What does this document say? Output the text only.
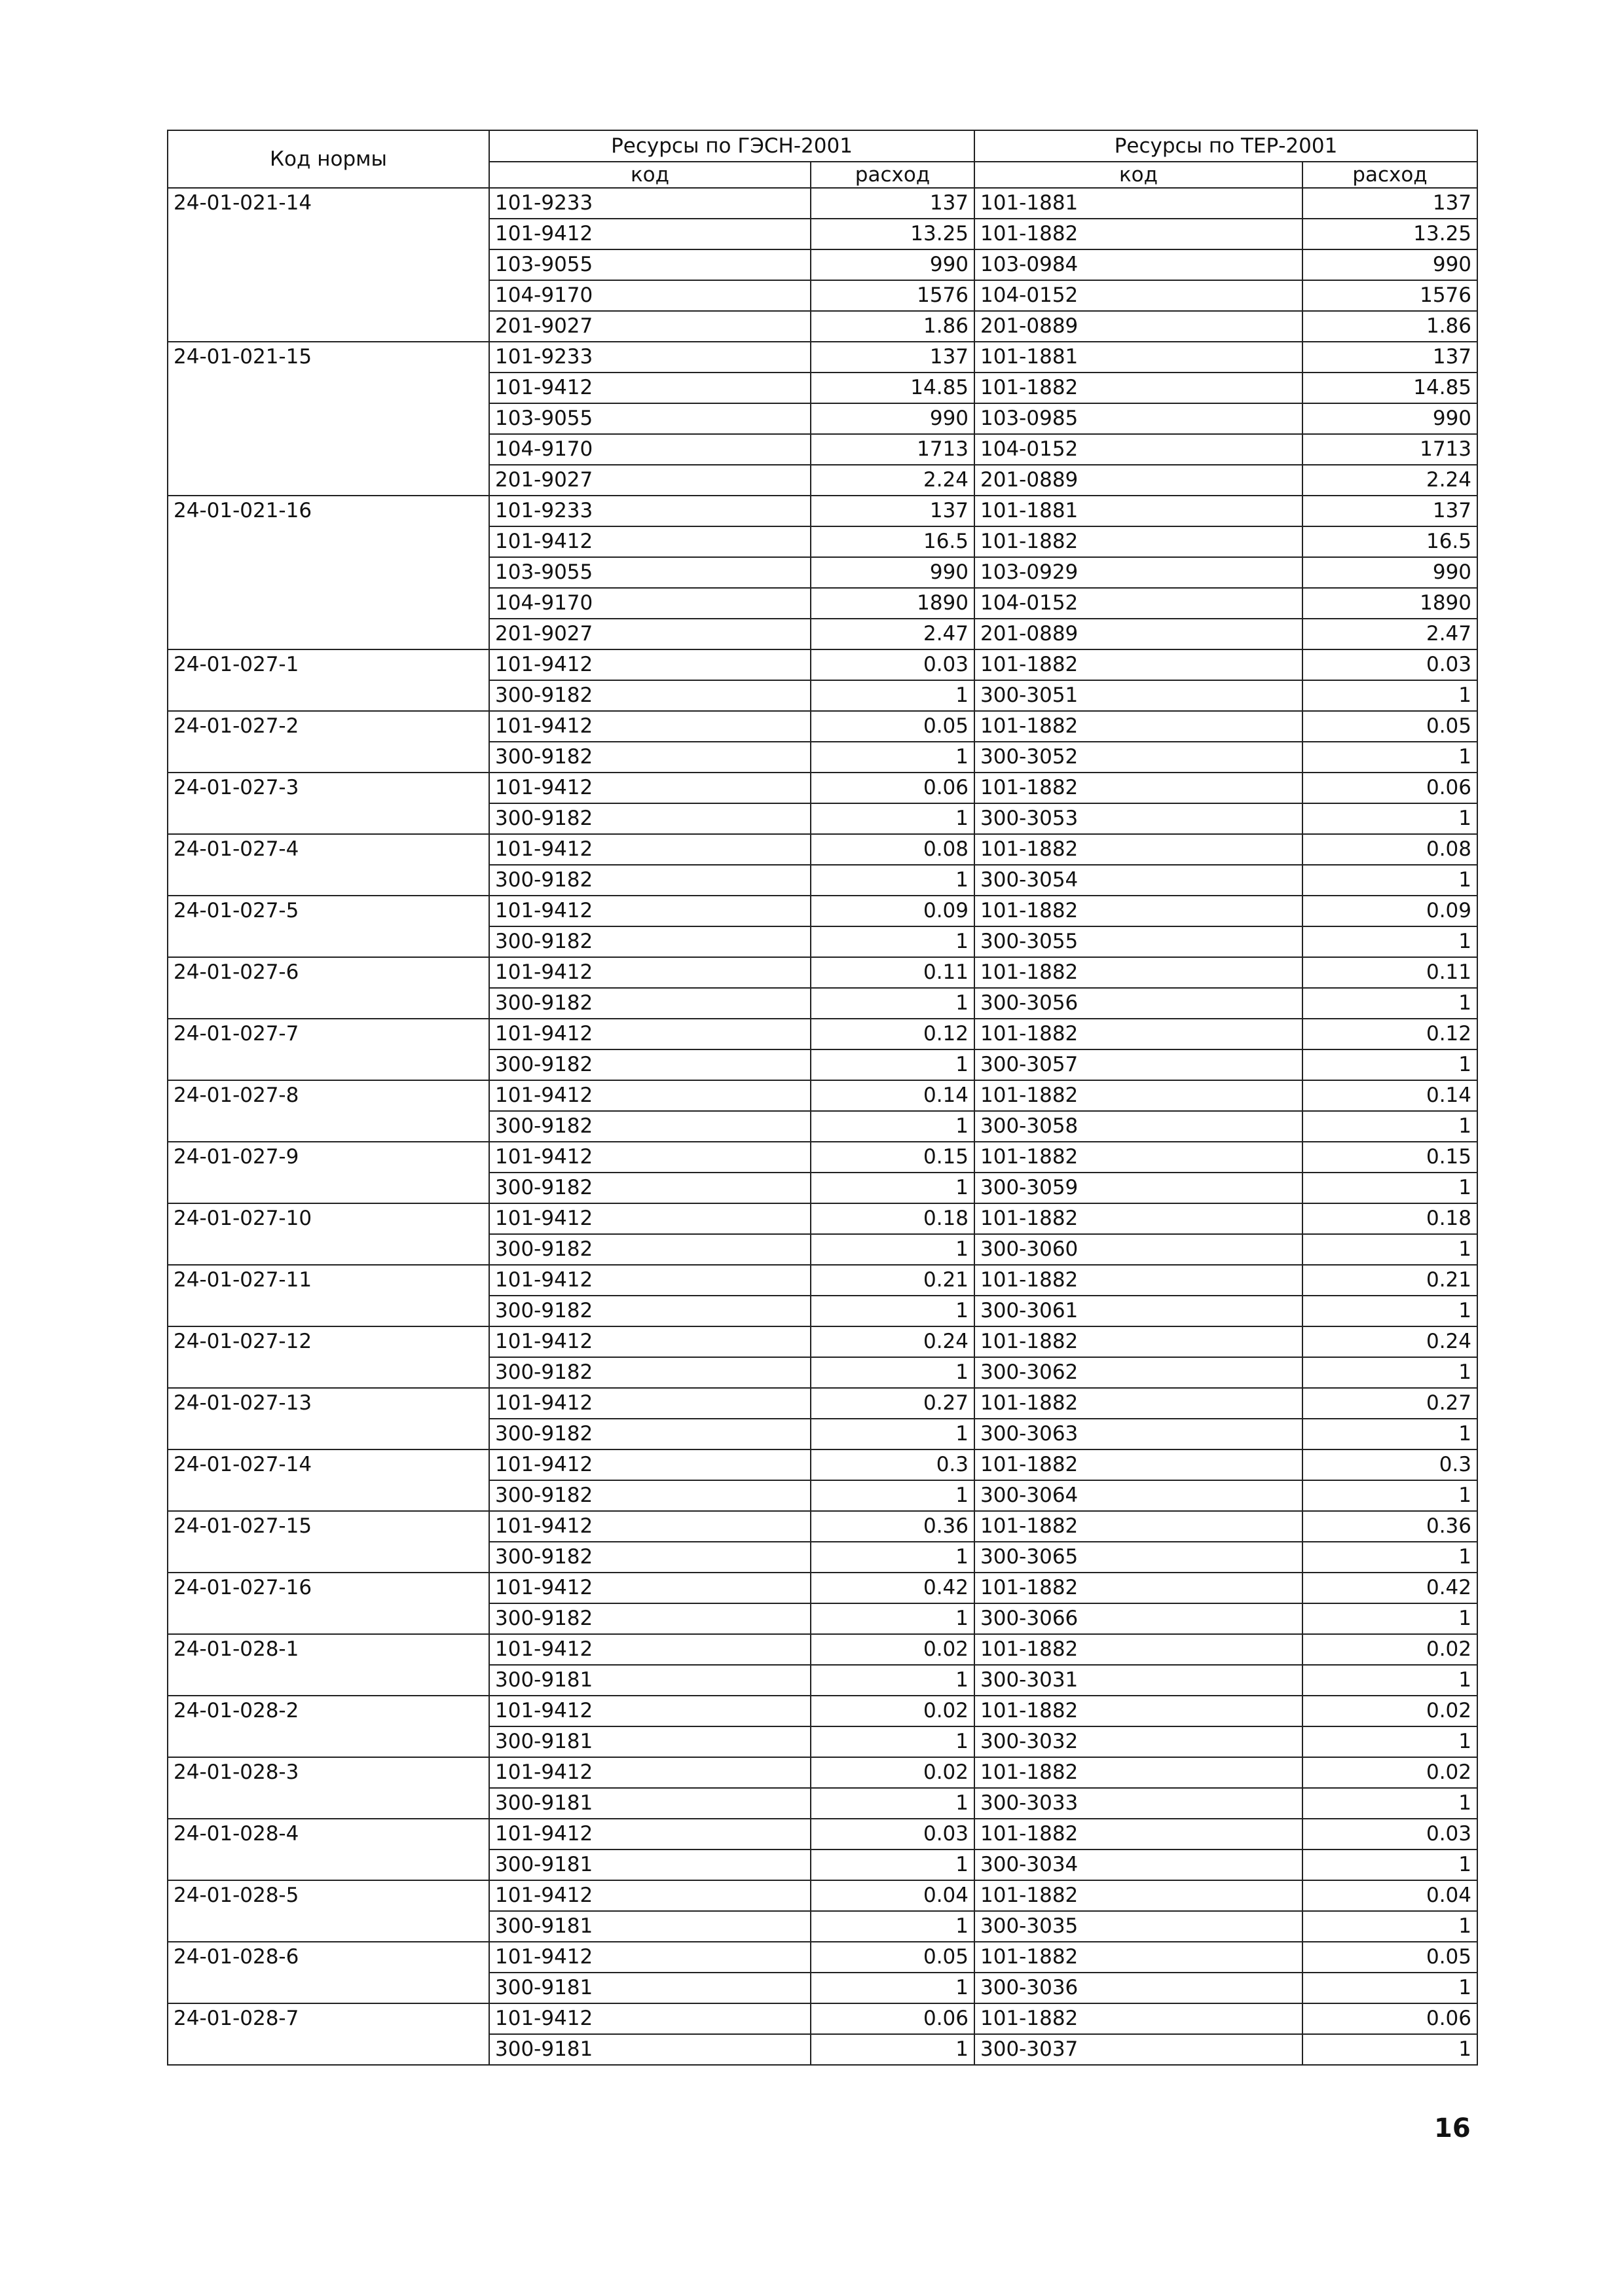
Код нормы	Ресурсы по ГЭСН-2001		Ресурсы по ТЕР-2001	
	код	расход	код	расход
24-01-021-14	101-9233	137	101-1881	137
	101-9412	13.25	101-1882	13.25
	103-9055	990	103-0984	990
	104-9170	1576	104-0152	1576
	201-9027	1.86	201-0889	1.86
24-01-021-15	101-9233	137	101-1881	137
	101-9412	14.85	101-1882	14.85
	103-9055	990	103-0985	990
	104-9170	1713	104-0152	1713
	201-9027	2.24	201-0889	2.24
24-01-021-16	101-9233	137	101-1881	137
	101-9412	16.5	101-1882	16.5
	103-9055	990	103-0929	990
	104-9170	1890	104-0152	1890
	201-9027	2.47	201-0889	2.47
24-01-027-1	101-9412	0.03	101-1882	0.03
	300-9182	1	300-3051	1
24-01-027-2	101-9412	0.05	101-1882	0.05
	300-9182	1	300-3052	1
24-01-027-3	101-9412	0.06	101-1882	0.06
	300-9182	1	300-3053	1
24-01-027-4	101-9412	0.08	101-1882	0.08
	300-9182	1	300-3054	1
24-01-027-5	101-9412	0.09	101-1882	0.09
	300-9182	1	300-3055	1
24-01-027-6	101-9412	0.11	101-1882	0.11
	300-9182	1	300-3056	1
24-01-027-7	101-9412	0.12	101-1882	0.12
	300-9182	1	300-3057	1
24-01-027-8	101-9412	0.14	101-1882	0.14
	300-9182	1	300-3058	1
24-01-027-9	101-9412	0.15	101-1882	0.15
	300-9182	1	300-3059	1
24-01-027-10	101-9412	0.18	101-1882	0.18
	300-9182	1	300-3060	1
24-01-027-11	101-9412	0.21	101-1882	0.21
	300-9182	1	300-3061	1
24-01-027-12	101-9412	0.24	101-1882	0.24
	300-9182	1	300-3062	1
24-01-027-13	101-9412	0.27	101-1882	0.27
	300-9182	1	300-3063	1
24-01-027-14	101-9412	0.3	101-1882	0.3
	300-9182	1	300-3064	1
24-01-027-15	101-9412	0.36	101-1882	0.36
	300-9182	1	300-3065	1
24-01-027-16	101-9412	0.42	101-1882	0.42
	300-9182	1	300-3066	1
24-01-028-1	101-9412	0.02	101-1882	0.02
	300-9181	1	300-3031	1
24-01-028-2	101-9412	0.02	101-1882	0.02
	300-9181	1	300-3032	1
24-01-028-3	101-9412	0.02	101-1882	0.02
	300-9181	1	300-3033	1
24-01-028-4	101-9412	0.03	101-1882	0.03
	300-9181	1	300-3034	1
24-01-028-5	101-9412	0.04	101-1882	0.04
	300-9181	1	300-3035	1
24-01-028-6	101-9412	0.05	101-1882	0.05
	300-9181	1	300-3036	1
24-01-028-7	101-9412	0.06	101-1882	0.06
	300-9181	1	300-3037	1
16
